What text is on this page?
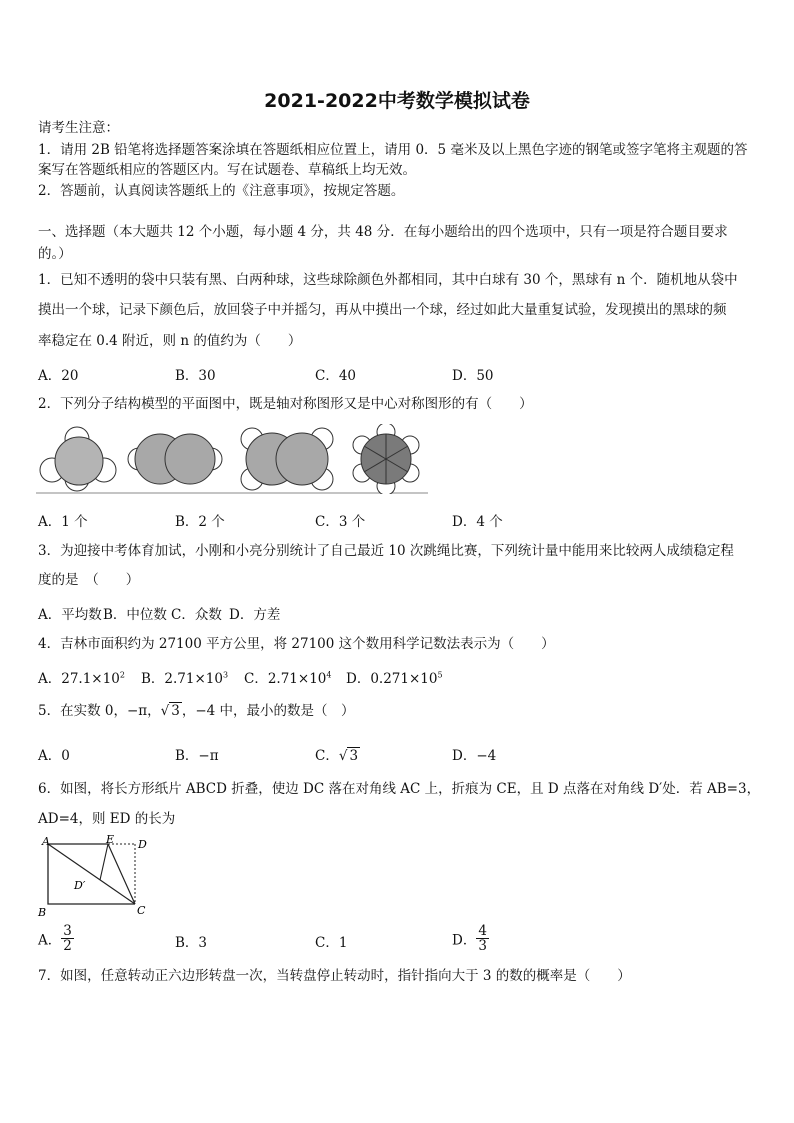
2021-2022中考数学模拟试卷
请考生注意：
1．请用 2B 铅笔将选择题答案涂填在答题纸相应位置上，请用 0．5 毫米及以上黑色字迹的钢笔或签字笔将主观题的答
案写在答题纸相应的答题区内。写在试题卷、草稿纸上均无效。
2．答题前，认真阅读答题纸上的《注意事项》，按规定答题。
一、选择题（本大题共 12 个小题，每小题 4 分，共 48 分．在每小题给出的四个选项中，只有一项是符合题目要求
的。）
1．已知不透明的袋中只装有黑、白两种球，这些球除颜色外都相同，其中白球有 30 个，黑球有 n 个．随机地从袋中
摸出一个球，记录下颜色后，放回袋子中并摇匀，再从中摸出一个球，经过如此大量重复试验，发现摸出的黑球的频
率稳定在 0.4 附近，则 n 的值约为（　　）
A．20	B．30	C．40	D．50
2．下列分子结构模型的平面图中，既是轴对称图形又是中心对称图形的有（　　）
A．1 个	B．2 个	C．3 个	D．4 个
3．为迎接中考体育加试，小刚和小亮分别统计了自己最近 10 次跳绳比赛，下列统计量中能用来比较两人成绩稳定程
度的是　（　　）
A．平均数 B．中位数 C．众数 D．方差
4．吉林市面积约为 27100 平方公里，将 27100 这个数用科学记数法表示为（　　）
A．$27.1\times 10^2$ B．$2.71\times 10^3$ C．$2.71\times 10^4$ D．$0.271\times 10^5$
5．在实数 0，−π，√ 3 ，−4 中，最小的数是（　）
A．0	B．−π	C．√ 3	D．−4
6．如图，将长方形纸片 ABCD 折叠，使边 DC 落在对角线 AC 上，折痕为 CE，且 D 点落在对角线 D′处．若 AB=3，
AD=4，则 ED 的长为
A	E D
D′
B	C
A． $\frac{3}{2}$	B．3	C．1	D． $\frac{4}{3}$
7．如图，任意转动正六边形转盘一次，当转盘停止转动时，指针指向大于 3 的数的概率是（　　）
